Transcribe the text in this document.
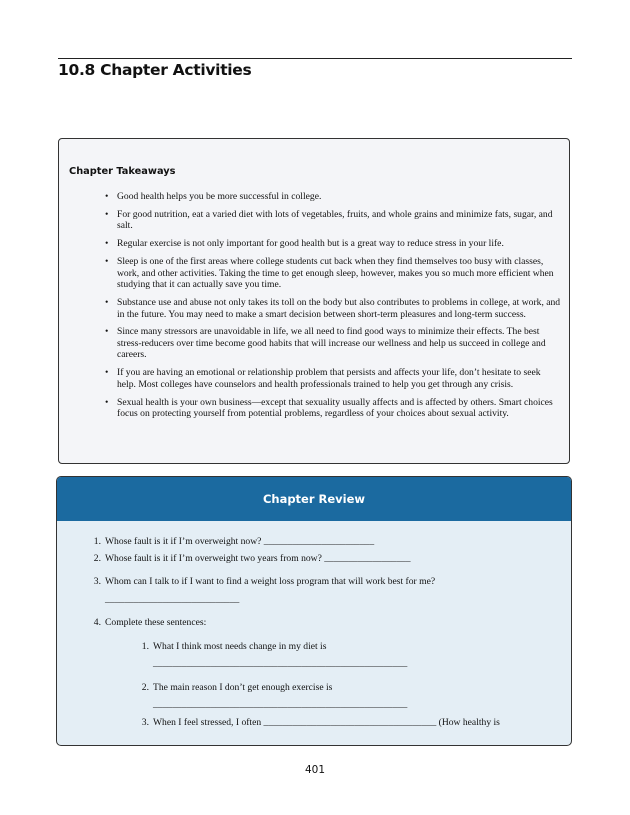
10.8 Chapter Activities
Chapter Takeaways
• Good health helps you be more successful in college.
• For good nutrition, eat a varied diet with lots of vegetables, fruits, and whole grains and minimize fats, sugar, and salt.
• Regular exercise is not only important for good health but is a great way to reduce stress in your life.
• Sleep is one of the first areas where college students cut back when they find themselves too busy with classes, work, and other activities. Taking the time to get enough sleep, however, makes you so much more efficient when studying that it can actually save you time.
• Substance use and abuse not only takes its toll on the body but also contributes to problems in college, at work, and in the future. You may need to make a smart decision between short-term pleasures and long-term success.
• Since many stressors are unavoidable in life, we all need to find good ways to minimize their effects. The best stress-reducers over time become good habits that will increase our wellness and help us succeed in college and careers.
• If you are having an emotional or relationship problem that persists and affects your life, don’t hesitate to seek help. Most colleges have counselors and health professionals trained to help you get through any crisis.
• Sexual health is your own business—except that sexuality usually affects and is affected by others. Smart choices focus on protecting yourself from potential problems, regardless of your choices about sexual activity.
Chapter Review
1. Whose fault is it if I’m overweight now? _______________________
2. Whose fault is it if I’m overweight two years from now? __________________
3. Whom can I talk to if I want to find a weight loss program that will work best for me?
____________________________
4. Complete these sentences:
1. What I think most needs change in my diet is
_____________________________________________________
2. The main reason I don’t get enough exercise is
_____________________________________________________
3. When I feel stressed, I often ____________________________________ (How healthy is
401
